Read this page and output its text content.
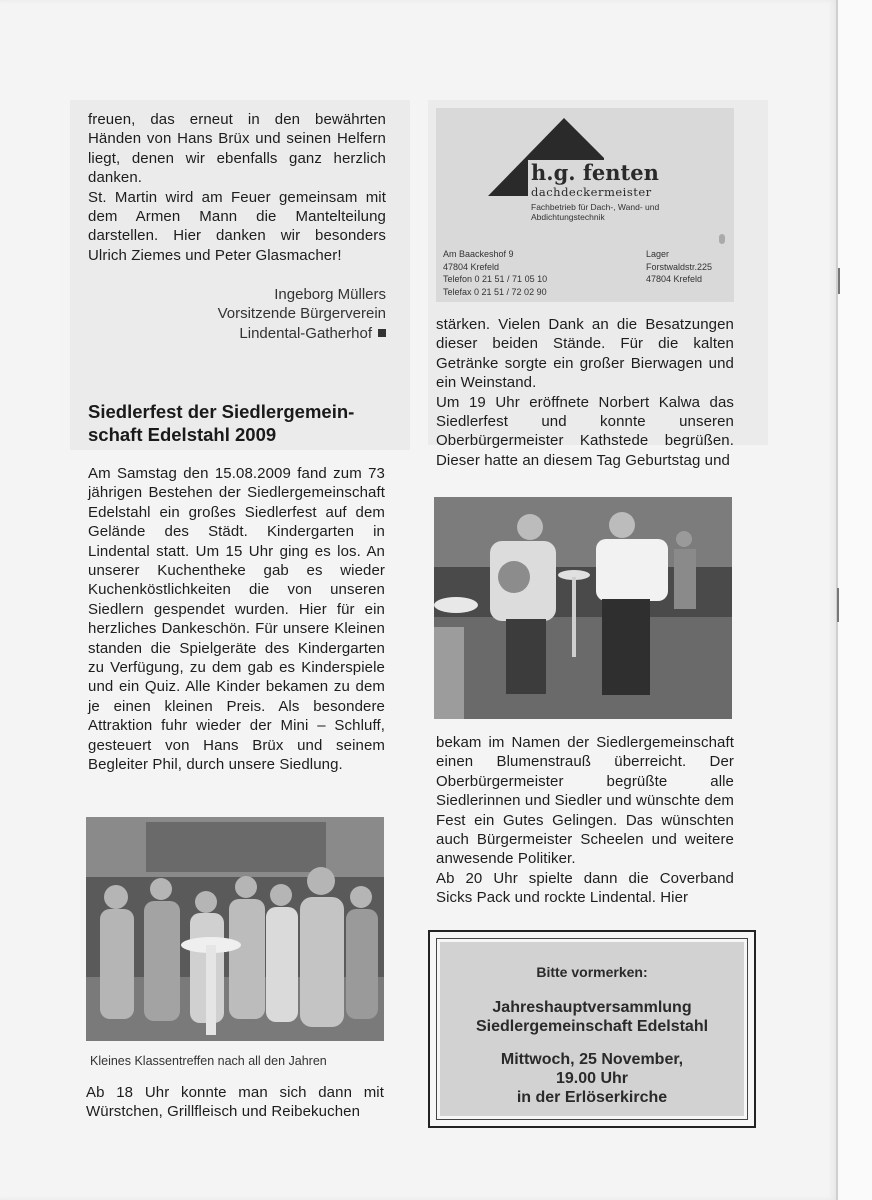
freuen, das erneut in den bewährten Händen von Hans Brüx und seinen Helfern liegt, denen wir ebenfalls ganz herzlich danken.

St. Martin wird am Feuer gemeinsam mit dem Armen Mann die Mantelteilung darstellen. Hier danken wir besonders Ulrich Ziemes und Peter Glasmacher!

Ingeborg Müllers
Vorsitzende Bürgerverein
Lindental-Gatherhof
Siedlerfest der Siedlergemein-
schaft Edelstahl 2009

Am Samstag den 15.08.2009 fand zum 73 jährigen Bestehen der Siedlergemeinschaft Edelstahl ein großes Siedlerfest auf dem Gelände des Städt. Kindergarten in Lindental statt. Um 15 Uhr ging es los. An unserer Kuchentheke gab es wieder Kuchenköstlichkeiten die von unseren Siedlern gespendet wurden. Hier für ein herzliches Dankeschön. Für unsere Kleinen standen die Spielgeräte des Kindergarten zu Verfügung, zu dem gab es Kinderspiele und ein Quiz. Alle Kinder bekamen zu dem je einen kleinen Preis. Als besondere Attraktion fuhr wieder der Mini – Schluff, gesteuert von Hans Brüx und seinem Begleiter Phil, durch unsere Siedlung.

Kleines Klassentreffen nach all den Jahren

Ab 18 Uhr konnte man sich dann mit Würstchen, Grillfleisch und Reibekuchen

h.g. fenten
dachdeckermeister
Fachbetrieb für Dach-, Wand- und
Abdichtungstechnik
Am Baackeshof 9
47804 Krefeld
Telefon 0 21 51 / 71 05 10
Telefax 0 21 51 / 72 02 90
Lager
Forstwaldstr.225
47804 Krefeld

stärken. Vielen Dank an die Besatzungen dieser beiden Stände. Für die kalten Getränke sorgte ein großer Bierwagen und ein Weinstand.

Um 19 Uhr eröffnete Norbert Kalwa das Siedlerfest und konnte unseren Oberbürgermeister Kathstede begrüßen. Dieser hatte an diesem Tag Geburtstag und

bekam im Namen der Siedlergemeinschaft einen Blumenstrauß überreicht. Der Oberbürgermeister begrüßte alle Siedlerinnen und Siedler und wünschte dem Fest ein Gutes Gelingen. Das wünschten auch Bürgermeister Scheelen und weitere anwesende Politiker.

Ab 20 Uhr spielte dann die Coverband Sicks Pack und rockte Lindental. Hier

Bitte vormerken:
Jahreshauptversammlung
Siedlergemeinschaft Edelstahl
Mittwoch, 25 November,
19.00 Uhr
in der Erlöserkirche
